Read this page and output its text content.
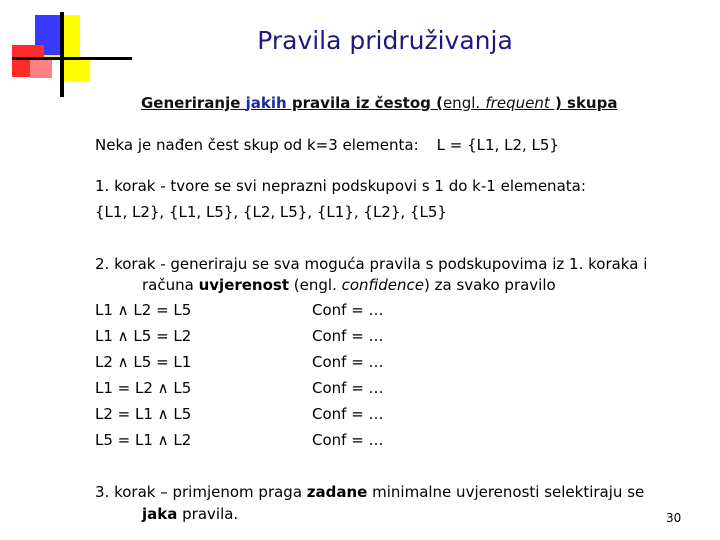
Pravila pridruživanja
Generiranje jakih pravila iz čestog (engl. frequent ) skupa
Neka je nađen čest skup od k=3 elementa: L = {L1, L2, L5}
1. korak - tvore se svi neprazni podskupovi s 1 do k-1 elemenata:
{L1, L2}, {L1, L5}, {L2, L5}, {L1}, {L2}, {L5}
2. korak - generiraju se sva moguća pravila s podskupovima iz 1. koraka i
računa uvjerenost (engl. confidence) za svako pravilo
L1 ∧ L2 = L5	Conf = …
L1 ∧ L5 = L2	Conf = …
L2 ∧ L5 = L1	Conf = …
L1 = L2 ∧ L5	Conf = …
L2 = L1 ∧ L5	Conf = …
L5 = L1 ∧ L2	Conf = …
3. korak – primjenom praga zadane minimalne uvjerenosti selektiraju se
jaka pravila.	30
